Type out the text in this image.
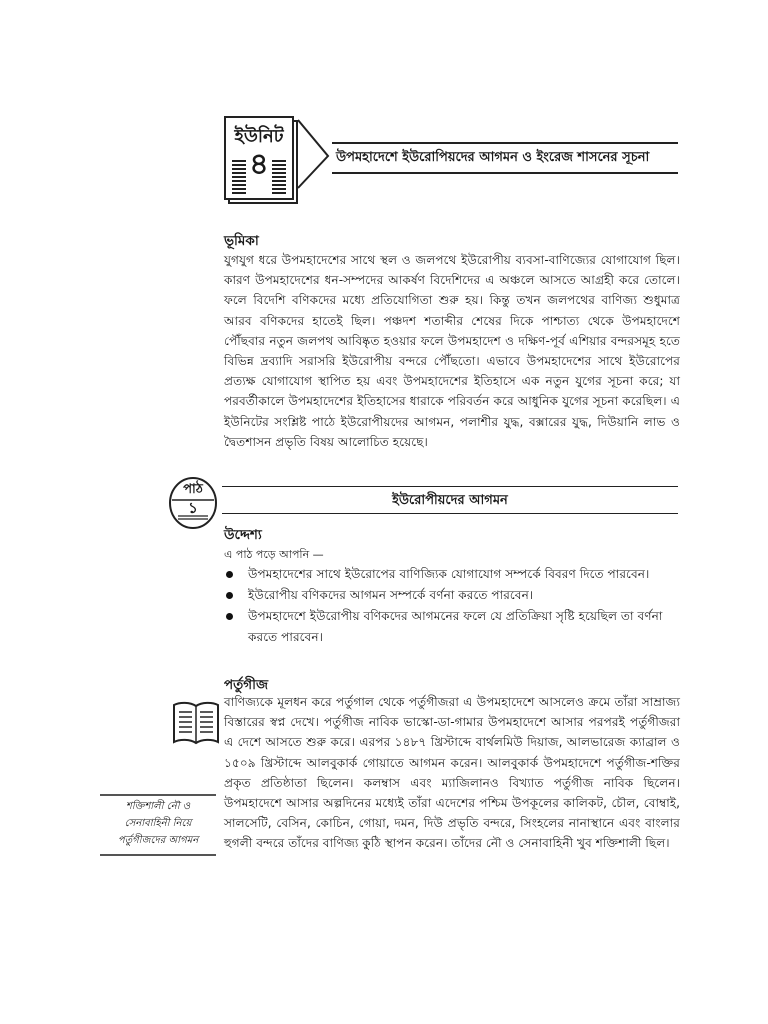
ইউনিট
৪	উপমহাদেশে ইউরোপিয়দের আগমন ও ইংরেজ শাসনের সূচনা
ভূমিকা

যুগযুগ ধরে উপমহাদেশের সাথে স্থল ও জলপথে ইউরোপীয় ব্যবসা-বাণিজ্যের যোগাযোগ ছিল। কারণ উপমহাদেশের ধন-সম্পদের আকর্ষণ বিদেশিদের এ অঞ্চলে আসতে আগ্রহী করে তোলে। ফলে বিদেশি বণিকদের মধ্যে প্রতিযোগিতা শুরু হয়। কিন্তু তখন জলপথের বাণিজ্য শুধুমাত্র আরব বণিকদের হাতেই ছিল। পঞ্চদশ শতাব্দীর শেষের দিকে পাশ্চাত্য থেকে উপমহাদেশে পৌঁছবার নতুন জলপথ আবিষ্কৃত হওয়ার ফলে উপমহাদেশ ও দক্ষিণ-পূর্ব এশিয়ার বন্দরসমূহ হতে বিভিন্ন দ্রব্যাদি সরাসরি ইউরোপীয় বন্দরে পৌঁছতো। এভাবে উপমহাদেশের সাথে ইউরোপের প্রত্যক্ষ যোগাযোগ স্থাপিত হয় এবং উপমহাদেশের ইতিহাসে এক নতুন যুগের সূচনা করে; যা পরবর্তীকালে উপমহাদেশের ইতিহাসের ধারাকে পরিবর্তন করে আধুনিক যুগের সূচনা করেছিল। এ ইউনিটের সংশ্লিষ্ট পাঠে ইউরোপীয়দের আগমন, পলাশীর যুদ্ধ, বক্সারের যুদ্ধ, দিউয়ানি লাভ ও দ্বৈতশাসন প্রভৃতি বিষয় আলোচিত হয়েছে।

পাঠ
১	ইউরোপীয়দের আগমন
উদ্দেশ্য
এ পাঠ পড়ে আপনি —
উপমহাদেশের সাথে ইউরোপের বাণিজ্যিক যোগাযোগ সম্পর্কে বিবরণ দিতে পারবেন।
ইউরোপীয় বণিকদের আগমন সম্পর্কে বর্ণনা করতে পারবেন।
উপমহাদেশে ইউরোপীয় বণিকদের আগমনের ফলে যে প্রতিক্রিয়া সৃষ্টি হয়েছিল তা বর্ণনা করতে পারবেন।
পর্তুগীজ

বাণিজ্যকে মূলধন করে পর্তুগাল থেকে পর্তুগীজরা এ উপমহাদেশে আসলেও ক্রমে তাঁরা সাম্রাজ্য বিস্তারের স্বপ্ন দেখে। পর্তুগীজ নাবিক ভাস্কো-ডা-গামার উপমহাদেশে আসার পরপরই পর্তুগীজরা এ দেশে আসতে শুরু করে। এরপর ১৪৮৭ খ্রিস্টাব্দে বার্থলমিউ দিয়াজ, আলভারেজ ক্যাব্রাল ও ১৫০৯ খ্রিস্টাব্দে আলবুকার্ক গোয়াতে আগমন করেন। আলবুকার্ক উপমহাদেশে পর্তুগীজ-শক্তির প্রকৃত প্রতিষ্ঠাতা ছিলেন। কলম্বাস এবং ম্যাজিলানও বিখ্যাত পর্তুগীজ নাবিক ছিলেন। উপমহাদেশে আসার অল্পদিনের মধ্যেই তাঁরা এদেশের পশ্চিম উপকূলের কালিকট, চৌল, বোম্বাই, সালসেটি, বেসিন, কোচিন, গোয়া, দমন, দিউ প্রভৃতি বন্দরে, সিংহলের নানাস্থানে এবং বাংলার হুগলী বন্দরে তাঁদের বাণিজ্য কুঠি স্থাপন করেন। তাঁদের নৌ ও সেনাবাহিনী খুব শক্তিশালী ছিল।

শক্তিশালী নৌ ও
সেনাবাহিনী নিয়ে
পর্তুগীজদের আগমন
